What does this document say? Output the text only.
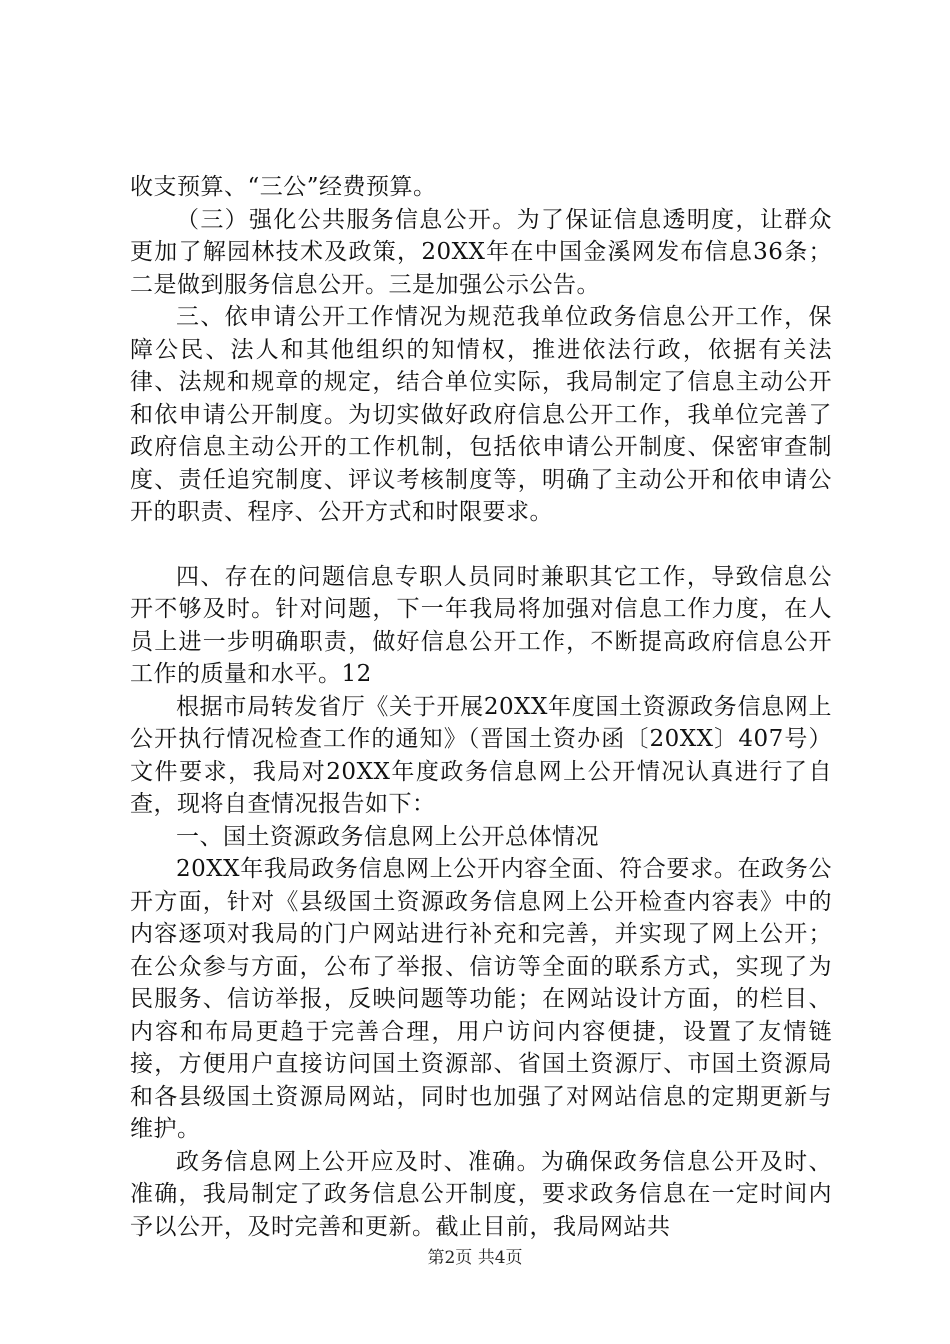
收支预算、“三公”经费预算。

（三）强化公共服务信息公开。为了保证信息透明度，让群众更加了解园林技术及政策，20XX年在中国金溪网发布信息36条；二是做到服务信息公开。三是加强公示公告。

三、依申请公开工作情况为规范我单位政务信息公开工作，保障公民、法人和其他组织的知情权，推进依法行政，依据有关法律、法规和规章的规定，结合单位实际，我局制定了信息主动公开和依申请公开制度。为切实做好政府信息公开工作，我单位完善了政府信息主动公开的工作机制，包括依申请公开制度、保密审查制度、责任追究制度、评议考核制度等，明确了主动公开和依申请公开的职责、程序、公开方式和时限要求。

四、存在的问题信息专职人员同时兼职其它工作，导致信息公开不够及时。针对问题，下一年我局将加强对信息工作力度，在人员上进一步明确职责，做好信息公开工作，不断提高政府信息公开工作的质量和水平。12

根据市局转发省厅《关于开展20XX年度国土资源政务信息网上公开执行情况检查工作的通知》（晋国土资办函〔20XX〕407号）文件要求，我局对20XX年度政务信息网上公开情况认真进行了自查，现将自查情况报告如下：

一、国土资源政务信息网上公开总体情况

20XX年我局政务信息网上公开内容全面、符合要求。在政务公开方面，针对《县级国土资源政务信息网上公开检查内容表》中的内容逐项对我局的门户网站进行补充和完善，并实现了网上公开；在公众参与方面，公布了举报、信访等全面的联系方式，实现了为民服务、信访举报，反映问题等功能；在网站设计方面，的栏目、内容和布局更趋于完善合理，用户访问内容便捷，设置了友情链接，方便用户直接访问国土资源部、省国土资源厅、市国土资源局和各县级国土资源局网站，同时也加强了对网站信息的定期更新与维护。

政务信息网上公开应及时、准确。为确保政务信息公开及时、准确，我局制定了政务信息公开制度，要求政务信息在一定时间内予以公开，及时完善和更新。截止目前，我局网站共

第2页 共4页
